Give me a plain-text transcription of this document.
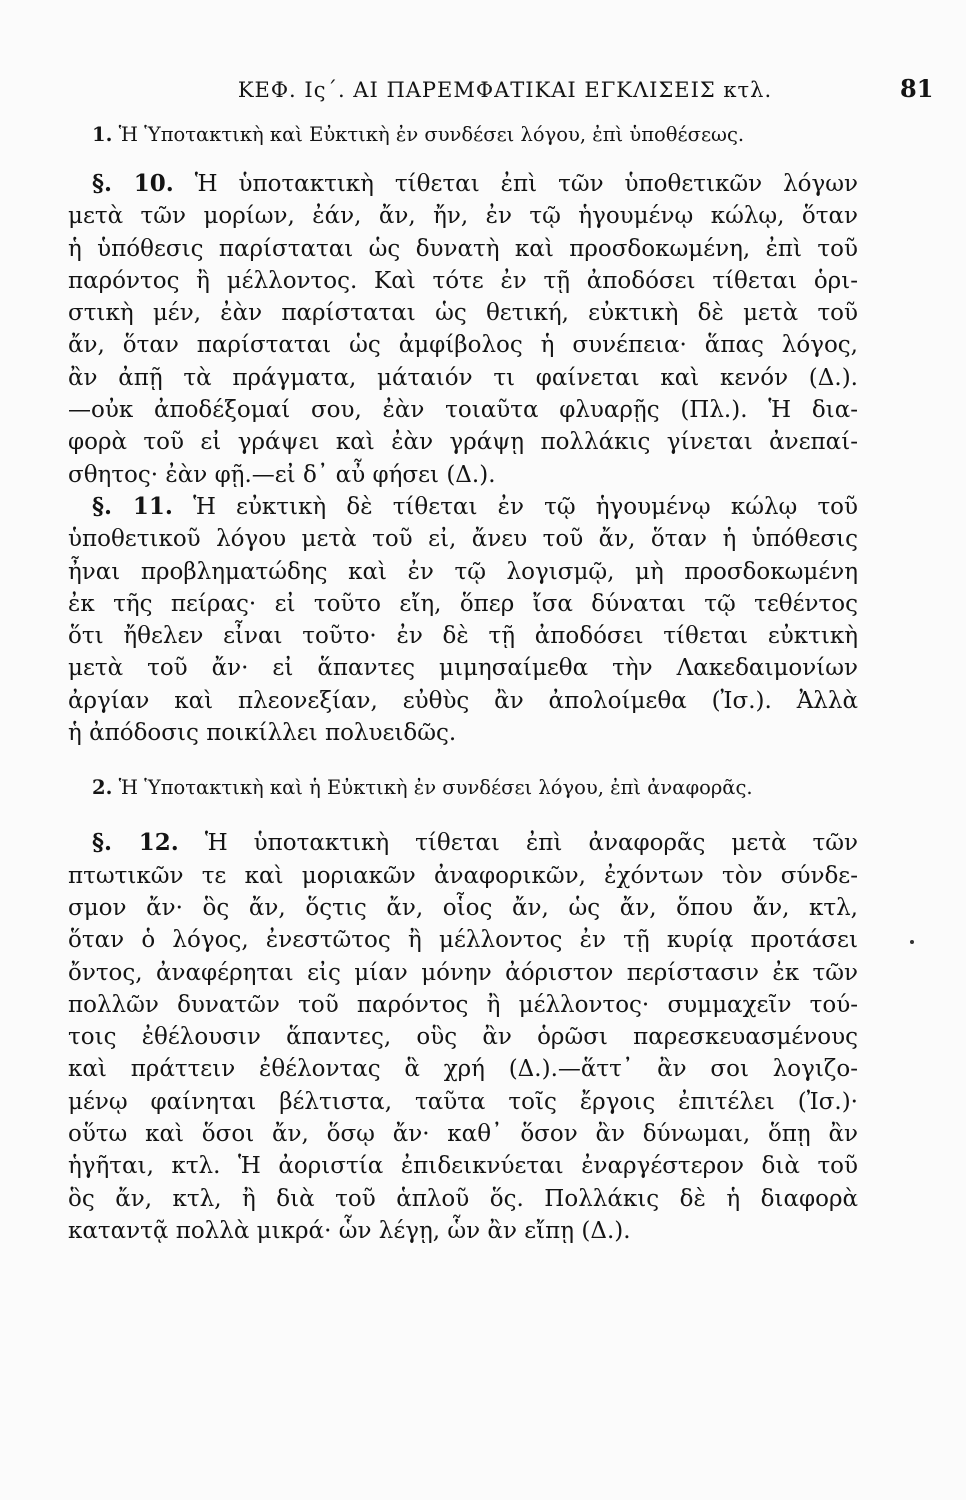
ΚΕΦ. Ις΄. ΑΙ ΠΑΡΕΜΦΑΤΙΚΑΙ ΕΓΚΛΙΣΕΙΣ κτλ.	81

1. Ἡ Ὑποτακτικὴ καὶ Εὐκτικὴ ἐν συνδέσει λόγου, ἐπὶ ὑποθέσεως.

§. 10. Ἡ ὑποτακτικὴ τίθεται ἐπὶ τῶν ὑποθετικῶν λόγων
μετὰ τῶν μορίων, ἐάν, ἄν, ἤν, ἐν τῷ ἡγουμένῳ κώλῳ, ὅταν
ἡ ὑπόθεσις παρίσταται ὡς δυνατὴ καὶ προσδοκωμένη, ἐπὶ τοῦ
παρόντος ἢ μέλλοντος. Καὶ τότε ἐν τῇ ἀποδόσει τίθεται ὁρι-
στικὴ μέν, ἐὰν παρίσταται ὡς θετική, εὐκτικὴ δὲ μετὰ τοῦ
ἄν, ὅταν παρίσταται ὡς ἀμφίβολος ἡ συνέπεια· ἅπας λόγος,
ἂν ἀπῇ τὰ πράγματα, μάταιόν τι φαίνεται καὶ κενόν (Δ.).
—οὐκ ἀποδέξομαί σου, ἐὰν τοιαῦτα φλυαρῇς (Πλ.). Ἡ δια-
φορὰ τοῦ εἰ γράψει καὶ ἐὰν γράψῃ πολλάκις γίνεται ἀνεπαί-
σθητος· ἐὰν φῇ.—εἰ δ᾽ αὖ φήσει (Δ.).
§. 11. Ἡ εὐκτικὴ δὲ τίθεται ἐν τῷ ἡγουμένῳ κώλῳ τοῦ
ὑποθετικοῦ λόγου μετὰ τοῦ εἰ, ἄνευ τοῦ ἄν, ὅταν ἡ ὑπόθεσις
ἦναι προβληματώδης καὶ ἐν τῷ λογισμῷ, μὴ προσδοκωμένη
ἐκ τῆς πείρας· εἰ τοῦτο εἴη, ὅπερ ἴσα δύναται τῷ τεθέντος
ὅτι ἤθελεν εἶναι τοῦτο· ἐν δὲ τῇ ἀποδόσει τίθεται εὐκτικὴ
μετὰ τοῦ ἄν· εἰ ἅπαντες μιμησαίμεθα τὴν Λακεδαιμονίων
ἀργίαν καὶ πλεονεξίαν, εὐθὺς ἂν ἀπολοίμεθα (Ἰσ.). Ἀλλὰ
ἡ ἀπόδοσις ποικίλλει πολυειδῶς.

2. Ἡ Ὑποτακτικὴ καὶ ἡ Εὐκτικὴ ἐν συνδέσει λόγου, ἐπὶ ἀναφορᾶς.

§. 12. Ἡ ὑποτακτικὴ τίθεται ἐπὶ ἀναφορᾶς μετὰ τῶν
πτωτικῶν τε καὶ μοριακῶν ἀναφορικῶν, ἐχόντων τὸν σύνδε-
σμον ἄν· ὃς ἄν, ὅςτις ἄν, οἷος ἄν, ὡς ἄν, ὅπου ἄν, κτλ,
ὅταν ὁ λόγος, ἐνεστῶτος ἢ μέλλοντος ἐν τῇ κυρίᾳ προτάσει
ὄντος, ἀναφέρηται εἰς μίαν μόνην ἀόριστον περίστασιν ἐκ τῶν
πολλῶν δυνατῶν τοῦ παρόντος ἢ μέλλοντος· συμμαχεῖν τού-
τοις ἐθέλουσιν ἅπαντες, οὓς ἂν ὁρῶσι παρεσκευασμένους
καὶ πράττειν ἐθέλοντας ἃ χρή (Δ.).—ἅττ᾽ ἂν σοι λογιζο-
μένῳ φαίνηται βέλτιστα, ταῦτα τοῖς ἔργοις ἐπιτέλει (Ἰσ.)·
οὕτω καὶ ὅσοι ἄν, ὅσῳ ἄν· καθ᾽ ὅσον ἂν δύνωμαι, ὅπῃ ἂν
ἡγῆται, κτλ. Ἡ ἀοριστία ἐπιδεικνύεται ἐναργέστερον διὰ τοῦ
ὃς ἄν, κτλ, ἢ διὰ τοῦ ἁπλοῦ ὅς. Πολλάκις δὲ ἡ διαφορὰ
καταντᾷ πολλὰ μικρά· ὧν λέγῃ, ὧν ἂν εἴπῃ (Δ.).
